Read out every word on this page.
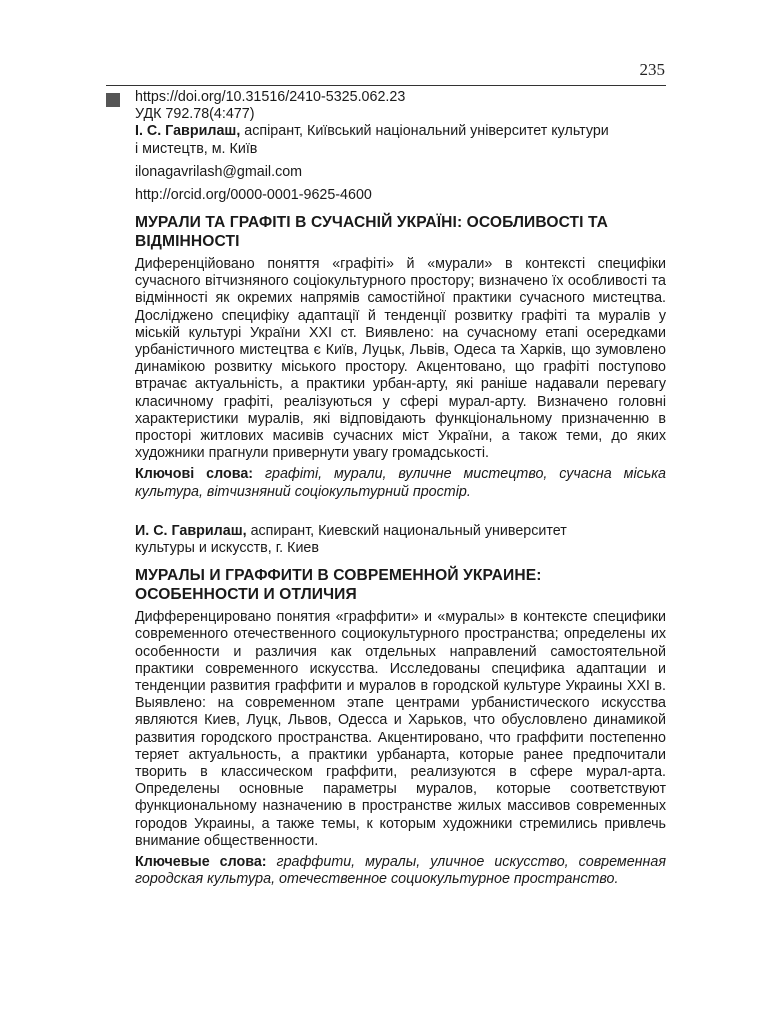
235

https://doi.org/10.31516/2410-5325.062.23

УДК 792.78(4:477)

І. С. Гаврилаш, аспірант, Київський національний університет культури
і мистецтв, м. Київ

ilonagavrilash@gmail.com

http://orcid.org/0000-0001-9625-4600

МУРАЛИ ТА ГРАФІТІ В СУЧАСНІЙ УКРАЇНІ: ОСОБЛИВОСТІ ТА ВІДМІННОСТІ

Диференційовано поняття «графіті» й «мурали» в контексті специфіки сучасного вітчизняного соціокультурного простору; визначено їх особливості та відмінності як окремих напрямів самостійної практики сучасного мистецтва. Досліджено специфіку адаптації й тенденції розвитку графіті та муралів у міській культурі України XXI ст. Виявлено: на сучасному етапі осередками урбаністичного мистецтва є Київ, Луцьк, Львів, Одеса та Харків, що зумовлено динамікою розвитку міського простору. Акцентовано, що графіті поступово втрачає актуальність, а практики урбан-арту, які раніше надавали перевагу класичному графіті, реалізуються у сфері мурал-арту. Визначено головні характеристики муралів, які відповідають функціональному призначенню в просторі житлових масивів сучасних міст України, а також теми, до яких художники прагнули привернути увагу громадськості.

Ключові слова: графіті, мурали, вуличне мистецтво, сучасна міська культура, вітчизняний соціокультурний простір.

И. С. Гаврилаш, аспирант, Киевский национальный университет
культуры и искусств, г. Киев

МУРАЛЫ И ГРАФФИТИ В СОВРЕМЕННОЙ УКРАИНЕ: ОСОБЕННОСТИ И ОТЛИЧИЯ

Дифференцировано понятия «граффити» и «муралы» в контексте специфики современного отечественного социокультурного пространства; определены их особенности и различия как отдельных направлений самостоятельной практики современного искусства. Исследованы специфика адаптации и тенденции развития граффити и муралов в городской культуре Украины XXI в. Выявлено: на современном этапе центрами урбанистического искусства являются Киев, Луцк, Львов, Одесса и Харьков, что обусловлено динамикой развития городского пространства. Акцентировано, что граффити постепенно теряет актуальность, а практики урбанарта, которые ранее предпочитали творить в классическом граффити, реализуются в сфере мурал-арта. Определены основные параметры муралов, которые соответствуют функциональному назначению в пространстве жилых массивов современных городов Украины, а также темы, к которым художники стремились привлечь внимание общественности.

Ключевые слова: граффити, муралы, уличное искусство, современная городская культура, отечественное социокультурное пространство.
